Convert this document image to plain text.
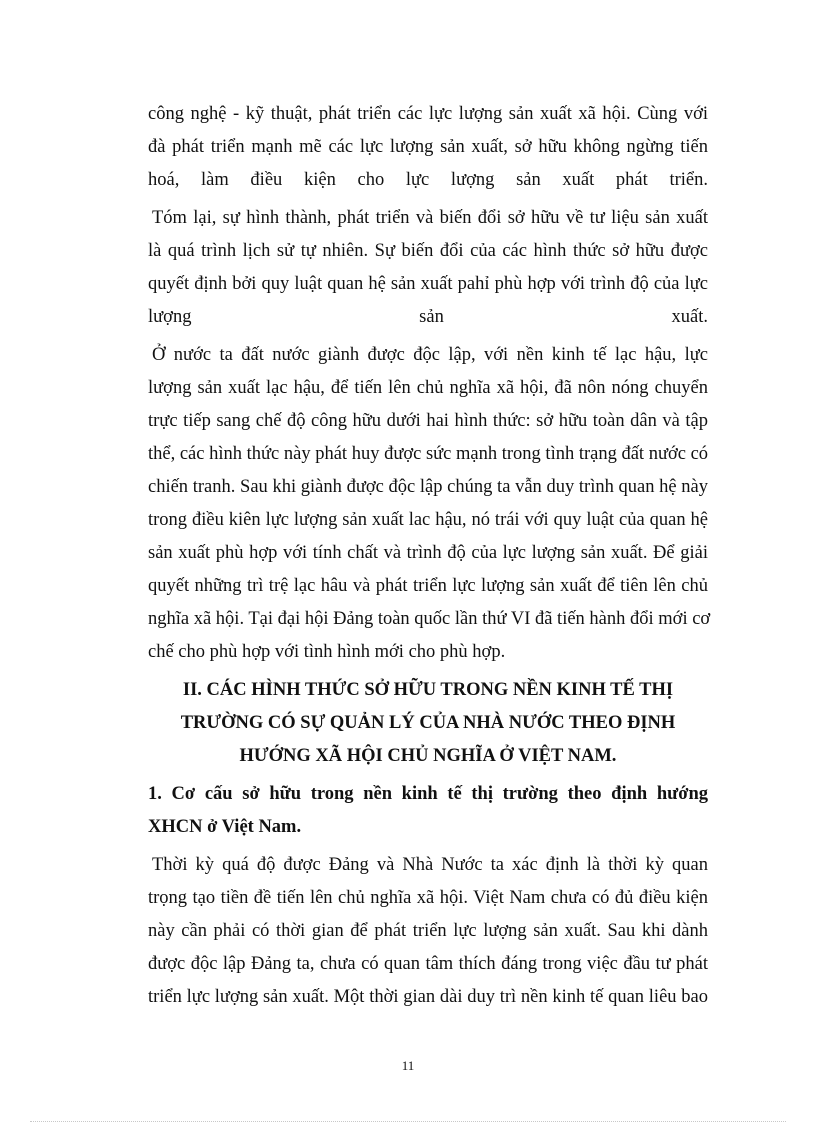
công nghệ - kỹ thuật, phát triển các lực lượng sản xuất xã hội. Cùng với
đà phát triển mạnh mẽ các lực lượng sản xuất, sở hữu không ngừng tiến
hoá, làm điều kiện cho lực lượng sản xuất phát triển.
Tóm lại, sự hình thành, phát triển và biến đổi sở hữu về tư liệu sản xuất
là quá trình lịch sử tự nhiên. Sự biến đổi của các hình thức sở hữu được
quyết định bởi quy luật quan hệ sản xuất pahỉ phù hợp với trình độ của lực
lượng sản xuất.
Ở nước ta đất nước giành được độc lập, với nền kinh tế lạc hậu, lực
lượng sản xuất lạc hậu, để tiến lên chủ nghĩa xã hội, đã nôn nóng chuyển
trực tiếp sang chế độ công hữu dưới hai hình thức: sở hữu toàn dân và tập
thể, các hình thức này phát huy được sức mạnh trong tình trạng đất nước có
chiến tranh. Sau khi giành được độc lập chúng ta vẫn duy trình quan hệ này
trong điều kiên lực lượng sản xuất lac hậu, nó trái với quy luật của quan hệ
sản xuất phù hợp với tính chất và trình độ của lực lượng sản xuất. Để giải
quyết những trì trệ lạc hâu và phát triển lực lượng sản xuất để tiên lên chủ
nghĩa xã hội. Tại đại hội Đảng toàn quốc lần thứ VI đã tiến hành đổi mới cơ
chế cho phù hợp với tình hình mới cho phù hợp.
II. CÁC HÌNH THỨC SỞ HỮU TRONG NỀN KINH TẾ THỊ
TRƯỜNG CÓ SỰ QUẢN LÝ CỦA NHÀ NƯỚC THEO ĐỊNH
HƯỚNG XÃ HỘI CHỦ NGHĨA Ở VIỆT NAM.
1. Cơ cấu sở hữu trong nền kinh tế thị trường theo định hướng
XHCN ở Việt Nam.
Thời kỳ quá độ được Đảng và Nhà Nước ta xác định là thời kỳ quan
trọng tạo tiền đề tiến lên chủ nghĩa xã hội. Việt Nam chưa có đủ điều kiện
này cần phải có thời gian để phát triển lực lượng sản xuất. Sau khi dành
được độc lập Đảng ta, chưa có quan tâm thích đáng trong việc đầu tư phát
triển lực lượng sản xuất. Một thời gian dài duy trì nền kinh tế quan liêu bao
11
